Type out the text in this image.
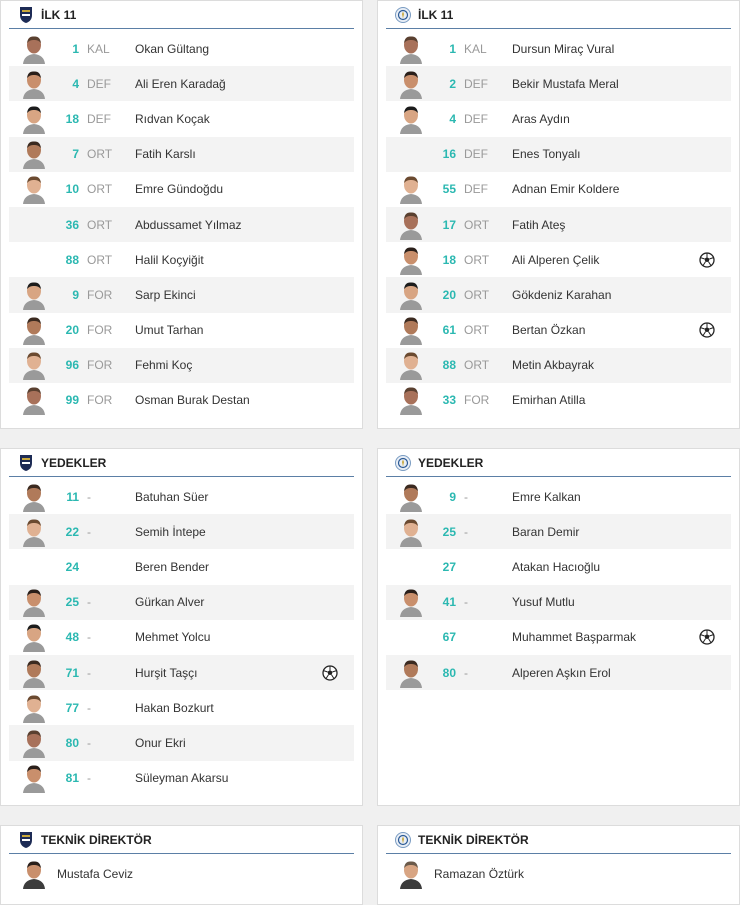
İLK 11
1 KAL	Okan Gültang
4 DEF	Ali Eren Karadağ
18 DEF	Rıdvan Koçak
7 ORT	Fatih Karslı
10 ORT	Emre Gündoğdu
36 ORT	Abdussamet Yılmaz
88 ORT	Halil Koçyiğit
9 FOR	Sarp Ekinci
20 FOR	Umut Tarhan
96 FOR	Fehmi Koç
99 FOR	Osman Burak Destan
İLK 11
1 KAL	Dursun Miraç Vural
2 DEF	Bekir Mustafa Meral
4 DEF	Aras Aydın
16 DEF	Enes Tonyalı
55 DEF	Adnan Emir Koldere
17 ORT	Fatih Ateş
18 ORT	Ali Alperen Çelik
20 ORT	Gökdeniz Karahan
61 ORT	Bertan Özkan
88 ORT	Metin Akbayrak
33 FOR	Emirhan Atilla
YEDEKLER
11 -	Batuhan Süer
22 -	Semih İntepe
24	Beren Bender
25 -	Gürkan Alver
48 -	Mehmet Yolcu
71 -	Hurşit Taşçı
77 -	Hakan Bozkurt
80 -	Onur Ekri
81 -	Süleyman Akarsu
YEDEKLER
9 -	Emre Kalkan
25 -	Baran Demir
27	Atakan Hacıoğlu
41 -	Yusuf Mutlu
67	Muhammet Başparmak
80 -	Alperen Aşkın Erol
TEKNİK DİREKTÖR
Mustafa Ceviz
TEKNİK DİREKTÖR
Ramazan Öztürk
